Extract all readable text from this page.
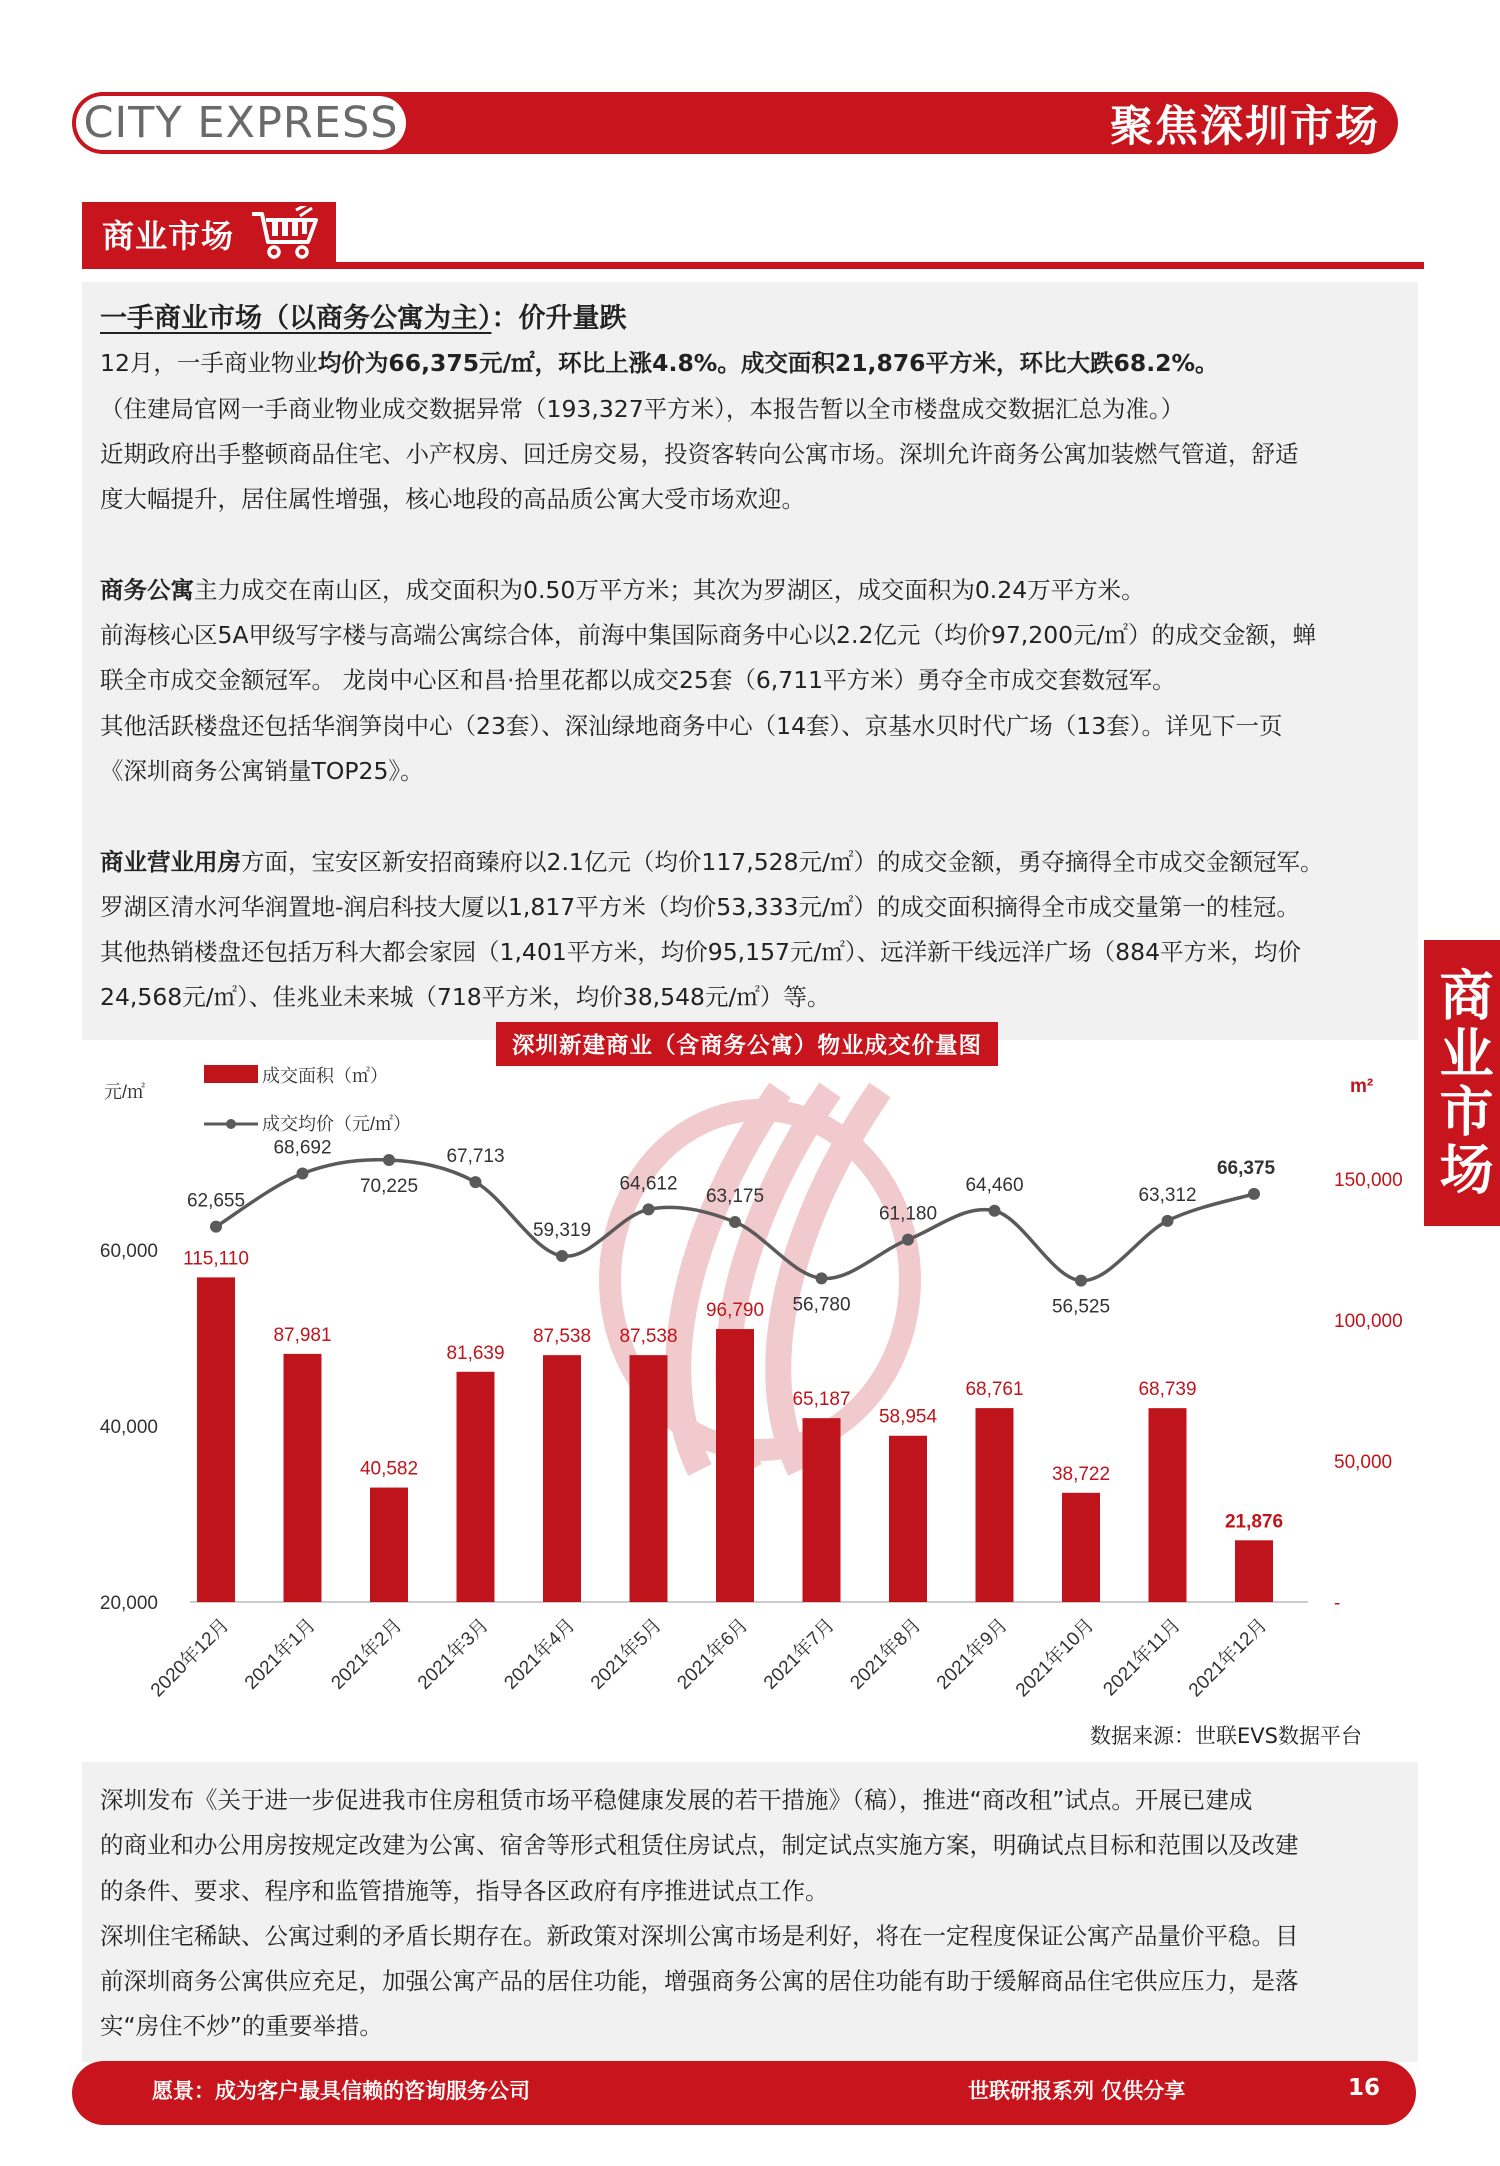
CITY EXPRESS	聚焦深圳市场
商业市场

一手商业市场（以商务公寓为主）：价升量跌

12月，一手商业物业均价为66,375元/㎡，环比上涨4.8%。成交面积21,876平方米，环比大跌68.2%。

（住建局官网一手商业物业成交数据异常（193,327平方米），本报告暂以全市楼盘成交数据汇总为准。）

近期政府出手整顿商品住宅、小产权房、回迁房交易，投资客转向公寓市场。深圳允许商务公寓加装燃气管道，舒适

度大幅提升，居住属性增强，核心地段的高品质公寓大受市场欢迎。

商务公寓主力成交在南山区，成交面积为0.50万平方米；其次为罗湖区，成交面积为0.24万平方米。

前海核心区5A甲级写字楼与高端公寓综合体，前海中集国际商务中心以2.2亿元（均价97,200元/㎡）的成交金额，蝉

联全市成交金额冠军。 龙岗中心区和昌·拾里花都以成交25套（6,711平方米）勇夺全市成交套数冠军。

其他活跃楼盘还包括华润笋岗中心（23套）、深汕绿地商务中心（14套）、京基水贝时代广场（13套）。详见下一页

《深圳商务公寓销量TOP25》。

商业营业用房方面，宝安区新安招商臻府以2.1亿元（均价117,528元/㎡）的成交金额，勇夺摘得全市成交金额冠军。

罗湖区清水河华润置地-润启科技大厦以1,817平方米（均价53,333元/㎡）的成交面积摘得全市成交量第一的桂冠。

其他热销楼盘还包括万科大都会家园（1,401平方米，均价95,157元/㎡）、远洋新干线远洋广场（884平方米，均价

24,568元/㎡）、佳兆业未来城（718平方米，均价38,548元/㎡）等。	商业市场
元/㎡
20,000
40,000
60,000
m²
-
50,000
100,000
150,000
成交面积（㎡）
成交均价（元/㎡）
115,110
87,981
40,582
81,639
87,538 87,538
96,790
65,187
58,954
68,761
38,722
68,739
21,876
62,655
68,692
70,225
67,713
59,319
64,612
63,175
56,780
61,180
64,460
56,525
63,312
66,375
2020年12月 2021年1月 2021年2月 2021年3月 2021年4月 2021年5月 2021年6月 2021年7月 2021年8月 2021年9月 2021年10月 2021年11月 2021年12月
深圳新建商业（含商务公寓）物业成交价量图
数据来源：世联EVS数据平台

深圳发布《关于进一步促进我市住房租赁市场平稳健康发展的若干措施》（稿），推进“商改租”试点。开展已建成

的商业和办公用房按规定改建为公寓、宿舍等形式租赁住房试点，制定试点实施方案，明确试点目标和范围以及改建

的条件、要求、程序和监管措施等，指导各区政府有序推进试点工作。

深圳住宅稀缺、公寓过剩的矛盾长期存在。新政策对深圳公寓市场是利好，将在一定程度保证公寓产品量价平稳。目

前深圳商务公寓供应充足，加强公寓产品的居住功能，增强商务公寓的居住功能有助于缓解商品住宅供应压力，是落

实“房住不炒”的重要举措。

愿景：成为客户最具信赖的咨询服务公司	世联研报系列 仅供分享	16
